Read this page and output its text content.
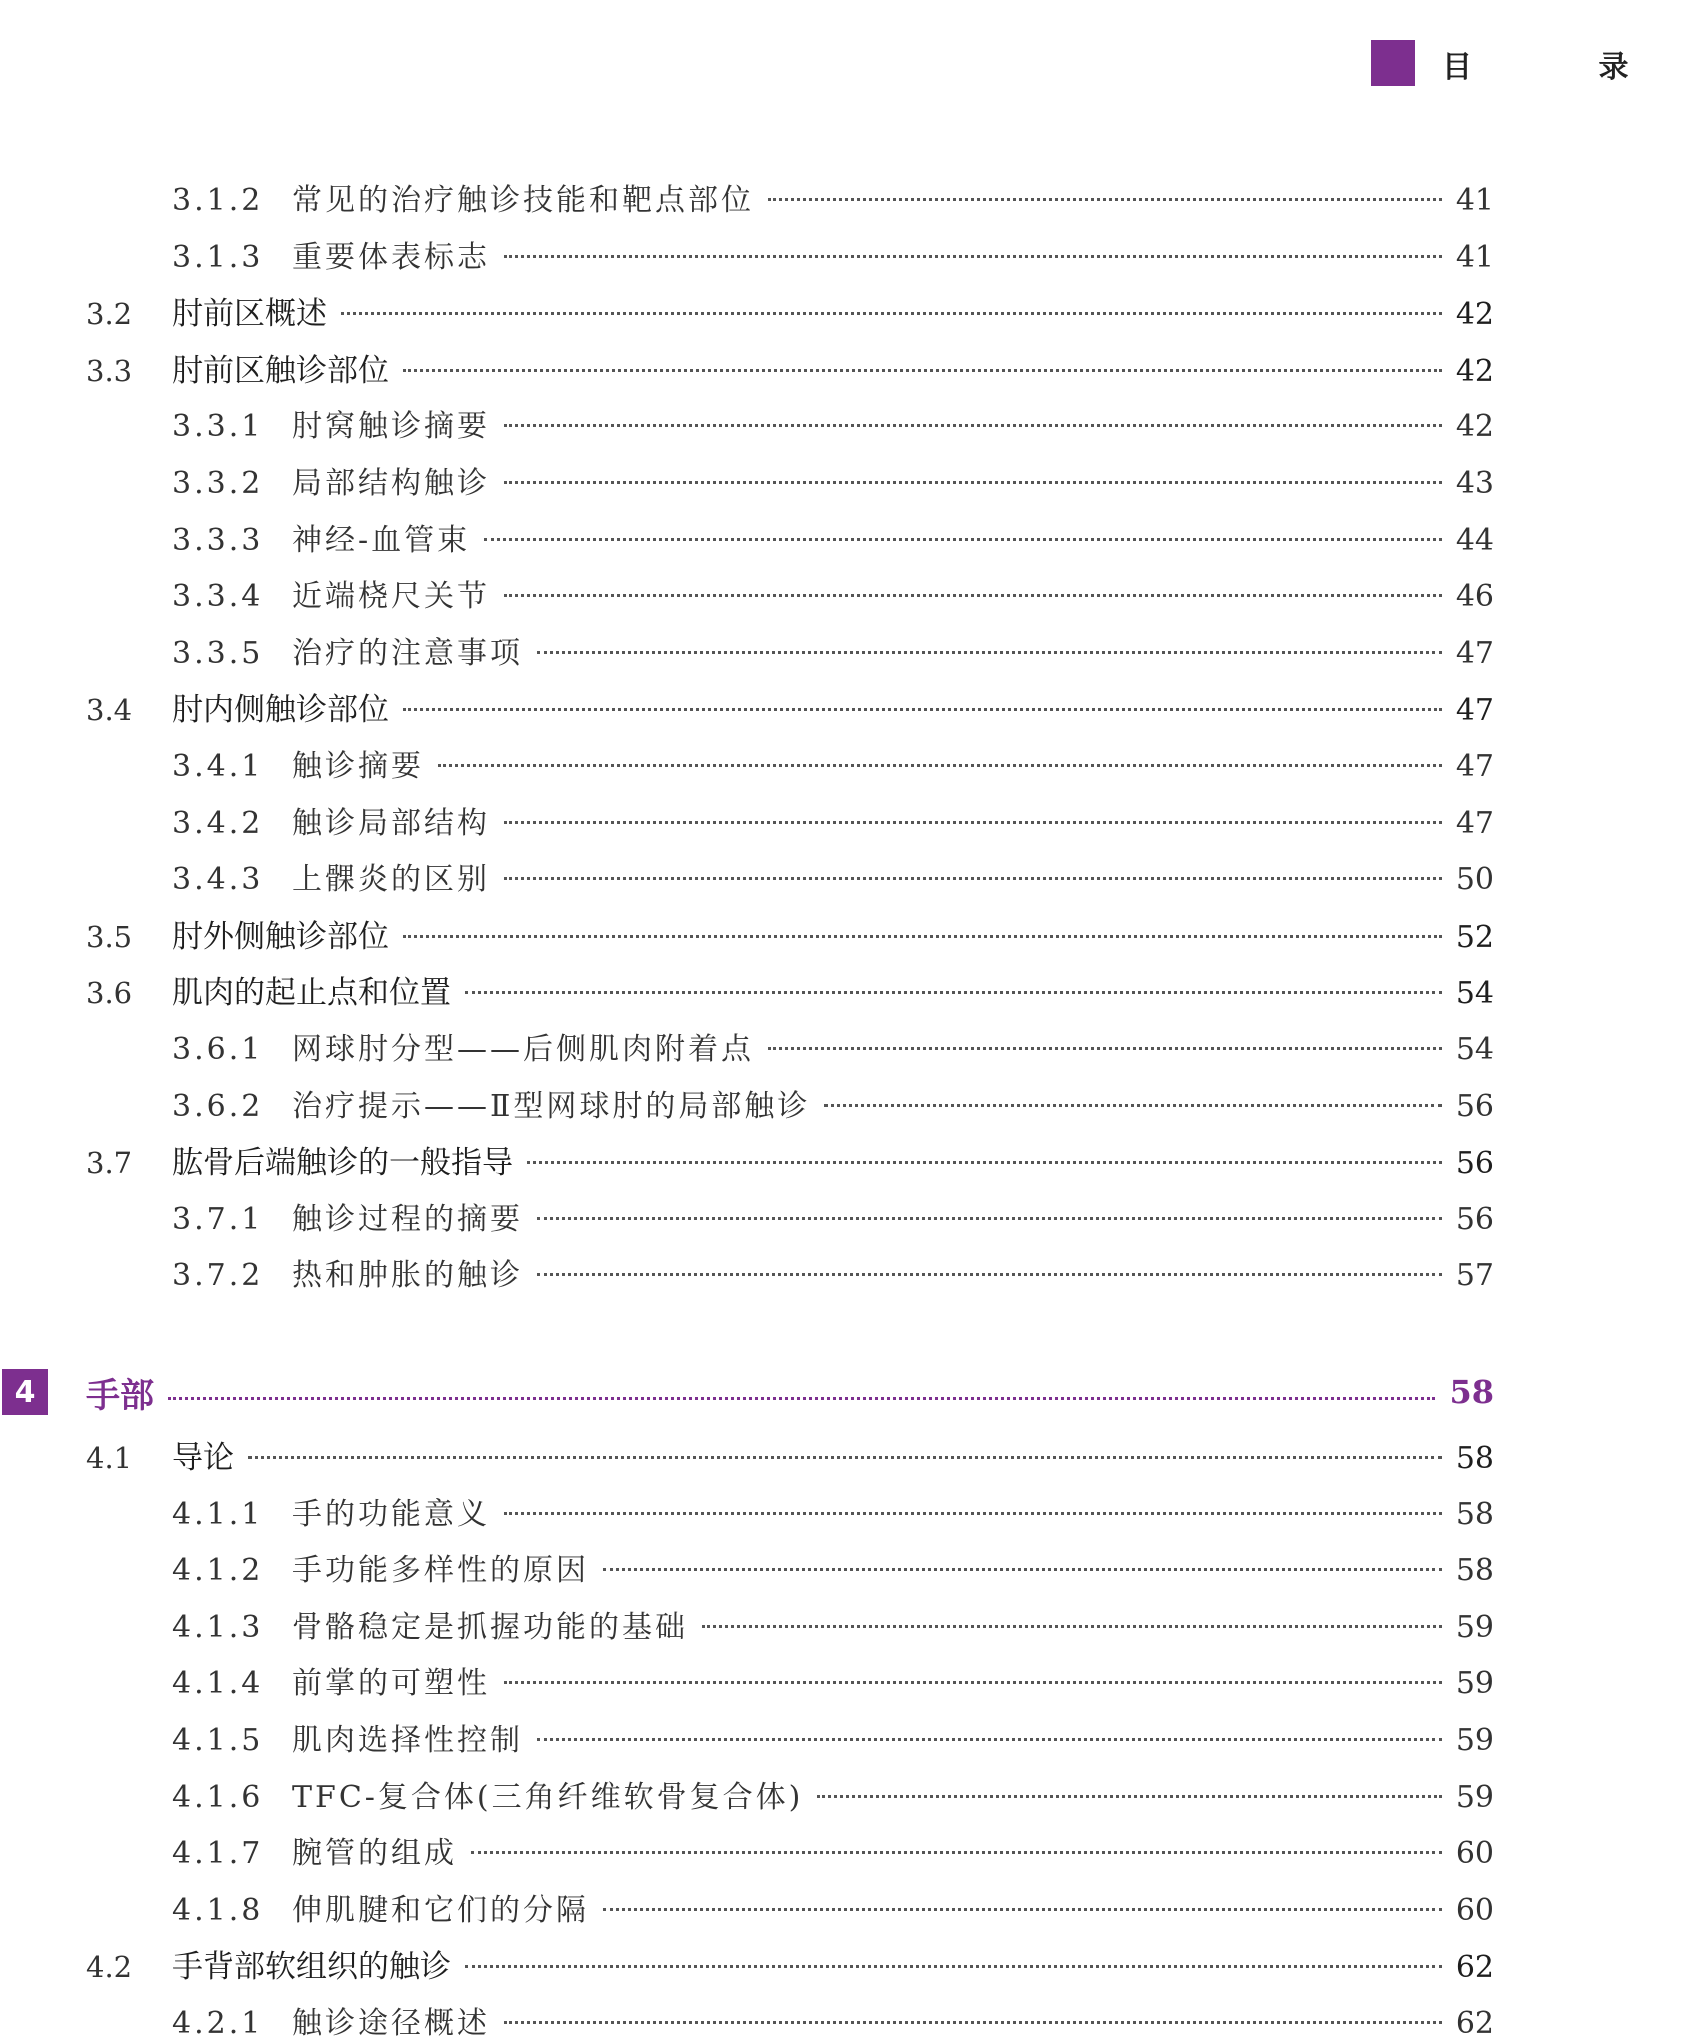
目 录
3.1.2 常见的治疗触诊技能和靶点部位	41
3.1.3 重要体表标志	41
3.2	肘前区概述	42
3.3	肘前区触诊部位	42
3.3.1 肘窝触诊摘要	42
3.3.2 局部结构触诊	43
3.3.3 神经-血管束	44
3.3.4 近端桡尺关节	46
3.3.5 治疗的注意事项	47
3.4	肘内侧触诊部位	47
3.4.1 触诊摘要	47
3.4.2 触诊局部结构	47
3.4.3 上髁炎的区别	50
3.5	肘外侧触诊部位	52
3.6	肌肉的起止点和位置	54
3.6.1 网球肘分型——后侧肌肉附着点	54
3.6.2 治疗提示——Ⅱ型网球肘的局部触诊	56
3.7	肱骨后端触诊的一般指导	56
3.7.1 触诊过程的摘要	56
3.7.2 热和肿胀的触诊	57
4	手部	58
4.1	导论	58
4.1.1 手的功能意义	58
4.1.2 手功能多样性的原因	58
4.1.3 骨骼稳定是抓握功能的基础	59
4.1.4 前掌的可塑性	59
4.1.5 肌肉选择性控制	59
4.1.6 TFC-复合体(三角纤维软骨复合体)	59
4.1.7 腕管的组成	60
4.1.8 伸肌腱和它们的分隔	60
4.2	手背部软组织的触诊	62
4.2.1 触诊途径概述	62
